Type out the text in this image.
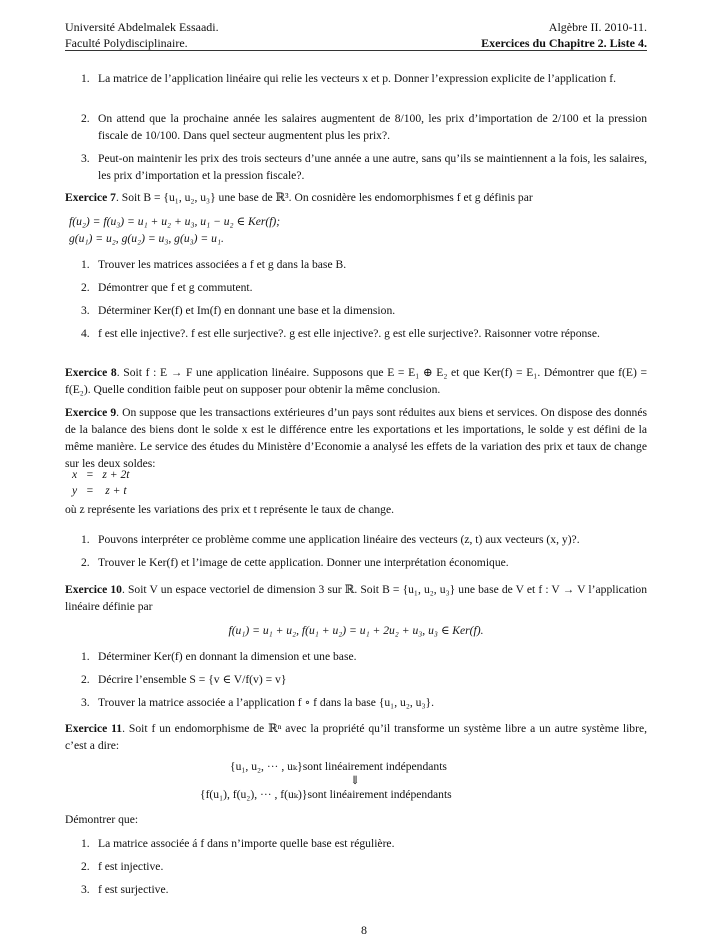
Université Abdelmalek Essaadi.	Algèbre II. 2010-11.
Faculté Polydisciplinaire.	Exercices du Chapitre 2. Liste 4.
1. La matrice de l’application linéaire qui relie les vecteurs x et p. Donner l’expression explicite de l’application f.
2. On attend que la prochaine année les salaires augmentent de 8/100, les prix d’importation de 2/100 et la pression fiscale de 10/100. Dans quel secteur augmentent plus les prix?.
3. Peut-on maintenir les prix des trois secteurs d’une année a une autre, sans qu’ils se maintiennent a la fois, les salaires, les prix d’importation et la pression fiscale?.
Exercice 7. Soit B = {u₁, u₂, u₃} une base de ℝ³. On cosnidère les endomorphismes f et g définis par
f(u₂) = f(u₃) = u₁ + u₂ + u₃, u₁ − u₂ ∈ Ker(f);
g(u₁) = u₂, g(u₂) = u₃, g(u₃) = u₁.
1. Trouver les matrices associées a f et g dans la base B.
2. Démontrer que f et g commutent.
3. Déterminer Ker(f) et Im(f) en donnant une base et la dimension.
4. f est elle injective?. f est elle surjective?. g est elle injective?. g est elle surjective?. Raisonner votre réponse.
Exercice 8. Soit f : E → F une application linéaire. Supposons que E = E₁ ⊕ E₂ et que Ker(f) = E₁. Démontrer que f(E) = f(E₂). Quelle condition faible peut on supposer pour obtenir la même conclusion.
Exercice 9. On suppose que les transactions extérieures d’un pays sont réduites aux biens et services. On dispose des donnés de la balance des biens dont le solde x est le différence entre les exportations et les importations, le solde y est défini de la même manière. Le service des études du Ministère d’Economie a analysé les effets de la variation des prix et taux de change sur les deux soldes:
x   =   z + 2t
y   =    z + t
où z représente les variations des prix et t représente le taux de change.
1. Pouvons interpréter ce problème comme une application linéaire des vecteurs (z, t) aux vecteurs (x, y)?.
2. Trouver le Ker(f) et l’image de cette application. Donner une interprétation économique.
Exercice 10. Soit V un espace vectoriel de dimension 3 sur ℝ. Soit B = {u₁, u₂, u₃} une base de V et f : V → V l’application linéaire définie par
f(u₁) = u₁ + u₂, f(u₁ + u₂) = u₁ + 2u₂ + u₃, u₃ ∈ Ker(f).
1. Déterminer Ker(f) en donnant la dimension et une base.
2. Décrire l’ensemble S = {v ∈ V/f(v) = v}
3. Trouver la matrice associée a l’application f ∘ f dans la base {u₁, u₂, u₃}.
Exercice 11. Soit f un endomorphisme de ℝⁿ avec la propriété qu’il transforme un système libre a un autre système libre, c’est a dire:
{u₁, u₂, ··· , uₖ}sont linéairement indépendants
⇓
{f(u₁), f(u₂), ··· , f(uₖ)}sont linéairement indépendants
Démontrer que:
1. La matrice associée á f dans n’importe quelle base est régulière.
2. f est injective.
3. f est surjective.
8
